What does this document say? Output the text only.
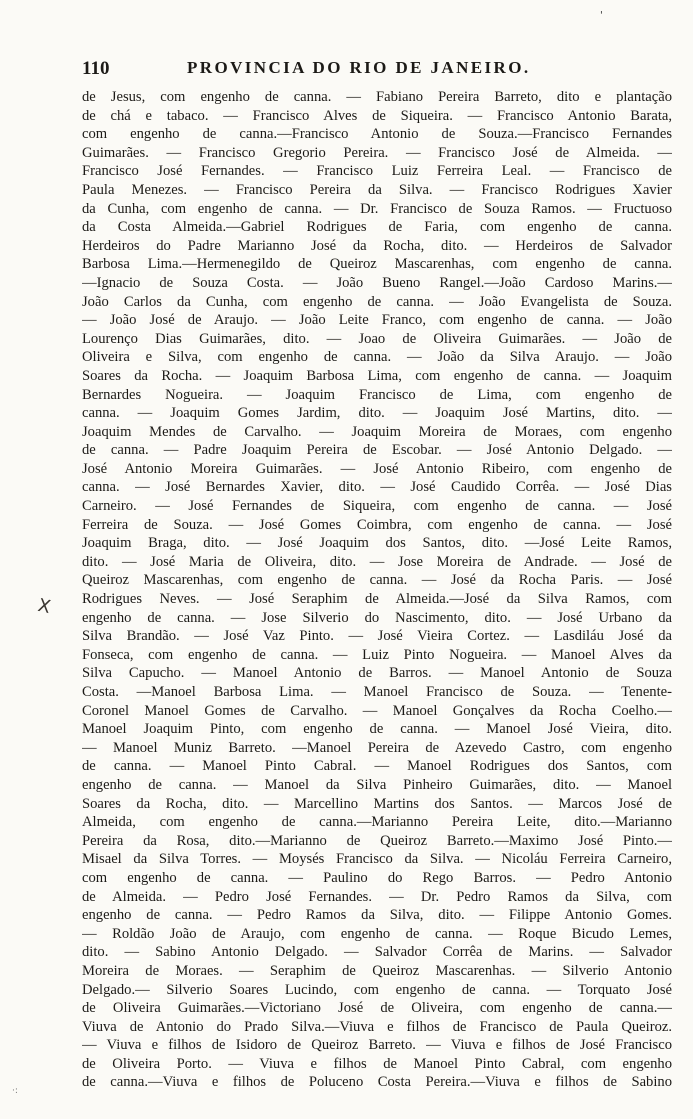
'
110	PROVINCIA DO RIO DE JANEIRO.
X
de Jesus, com engenho de canna. — Fabiano Pereira Barreto, dito e plantação
de chá e tabaco. — Francisco Alves de Siqueira. — Francisco Antonio Barata,
com engenho de canna.—Francisco Antonio de Souza.—Francisco Fernandes
Guimarães. — Francisco Gregorio Pereira. — Francisco José de Almeida. —
Francisco José Fernandes. — Francisco Luiz Ferreira Leal. — Francisco de
Paula Menezes. — Francisco Pereira da Silva. — Francisco Rodrigues Xavier
da Cunha, com engenho de canna. — Dr. Francisco de Souza Ramos. — Fructuoso
da Costa Almeida.—Gabriel Rodrigues de Faria, com engenho de canna.
Herdeiros do Padre Marianno José da Rocha, dito. — Herdeiros de Salvador
Barbosa Lima.—Hermenegildo de Queiroz Mascarenhas, com engenho de canna.
—Ignacio de Souza Costa. — João Bueno Rangel.—João Cardoso Marins.—
João Carlos da Cunha, com engenho de canna. — João Evangelista de Souza.
— João José de Araujo. — João Leite Franco, com engenho de canna. — João
Lourenço Dias Guimarães, dito. — Joao de Oliveira Guimarães. — João de
Oliveira e Silva, com engenho de canna. — João da Silva Araujo. — João
Soares da Rocha. — Joaquim Barbosa Lima, com engenho de canna. — Joaquim
Bernardes Nogueira. — Joaquim Francisco de Lima, com engenho de
canna. — Joaquim Gomes Jardim, dito. — Joaquim José Martins, dito. —
Joaquim Mendes de Carvalho. — Joaquim Moreira de Moraes, com engenho
de canna. — Padre Joaquim Pereira de Escobar. — José Antonio Delgado. —
José Antonio Moreira Guimarães. — José Antonio Ribeiro, com engenho de
canna. — José Bernardes Xavier, dito. — José Caudido Corrêa. — José Dias
Carneiro. — José Fernandes de Siqueira, com engenho de canna. — José
Ferreira de Souza. — José Gomes Coimbra, com engenho de canna. — José
Joaquim Braga, dito. — José Joaquim dos Santos, dito. —José Leite Ramos,
dito. — José Maria de Oliveira, dito. — Jose Moreira de Andrade. — José de
Queiroz Mascarenhas, com engenho de canna. — José da Rocha Paris. — José
Rodrigues Neves. — José Seraphim de Almeida.—José da Silva Ramos, com
engenho de canna. — Jose Silverio do Nascimento, dito. — José Urbano da
Silva Brandão. — José Vaz Pinto. — José Vieira Cortez. — Lasdiláu José da
Fonseca, com engenho de canna. — Luiz Pinto Nogueira. — Manoel Alves da
Silva Capucho. — Manoel Antonio de Barros. — Manoel Antonio de Souza
Costa. —Manoel Barbosa Lima. — Manoel Francisco de Souza. — Tenente-
Coronel Manoel Gomes de Carvalho. — Manoel Gonçalves da Rocha Coelho.—
Manoel Joaquim Pinto, com engenho de canna. — Manoel José Vieira, dito.
— Manoel Muniz Barreto. —Manoel Pereira de Azevedo Castro, com engenho
de canna. — Manoel Pinto Cabral. — Manoel Rodrigues dos Santos, com
engenho de canna. — Manoel da Silva Pinheiro Guimarães, dito. — Manoel
Soares da Rocha, dito. — Marcellino Martins dos Santos. — Marcos José de
Almeida, com engenho de canna.—Marianno Pereira Leite, dito.—Marianno
Pereira da Rosa, dito.—Marianno de Queiroz Barreto.—Maximo José Pinto.—
Misael da Silva Torres. — Moysés Francisco da Silva. — Nicoláu Ferreira Carneiro,
com engenho de canna. — Paulino do Rego Barros. — Pedro Antonio
de Almeida. — Pedro José Fernandes. — Dr. Pedro Ramos da Silva, com
engenho de canna. — Pedro Ramos da Silva, dito. — Filippe Antonio Gomes.
— Roldão João de Araujo, com engenho de canna. — Roque Bicudo Lemes,
dito. — Sabino Antonio Delgado. — Salvador Corrêa de Marins. — Salvador
Moreira de Moraes. — Seraphim de Queiroz Mascarenhas. — Silverio Antonio
Delgado.— Silverio Soares Lucindo, com engenho de canna. — Torquato José
de Oliveira Guimarães.—Victoriano José de Oliveira, com engenho de canna.—
Viuva de Antonio do Prado Silva.—Viuva e filhos de Francisco de Paula Queiroz.
— Viuva e filhos de Isidoro de Queiroz Barreto. — Viuva e filhos de José Francisco
de Oliveira Porto. — Viuva e filhos de Manoel Pinto Cabral, com engenho
de canna.—Viuva e filhos de Poluceno Costa Pereira.—Viuva e filhos de Sabino
·:
